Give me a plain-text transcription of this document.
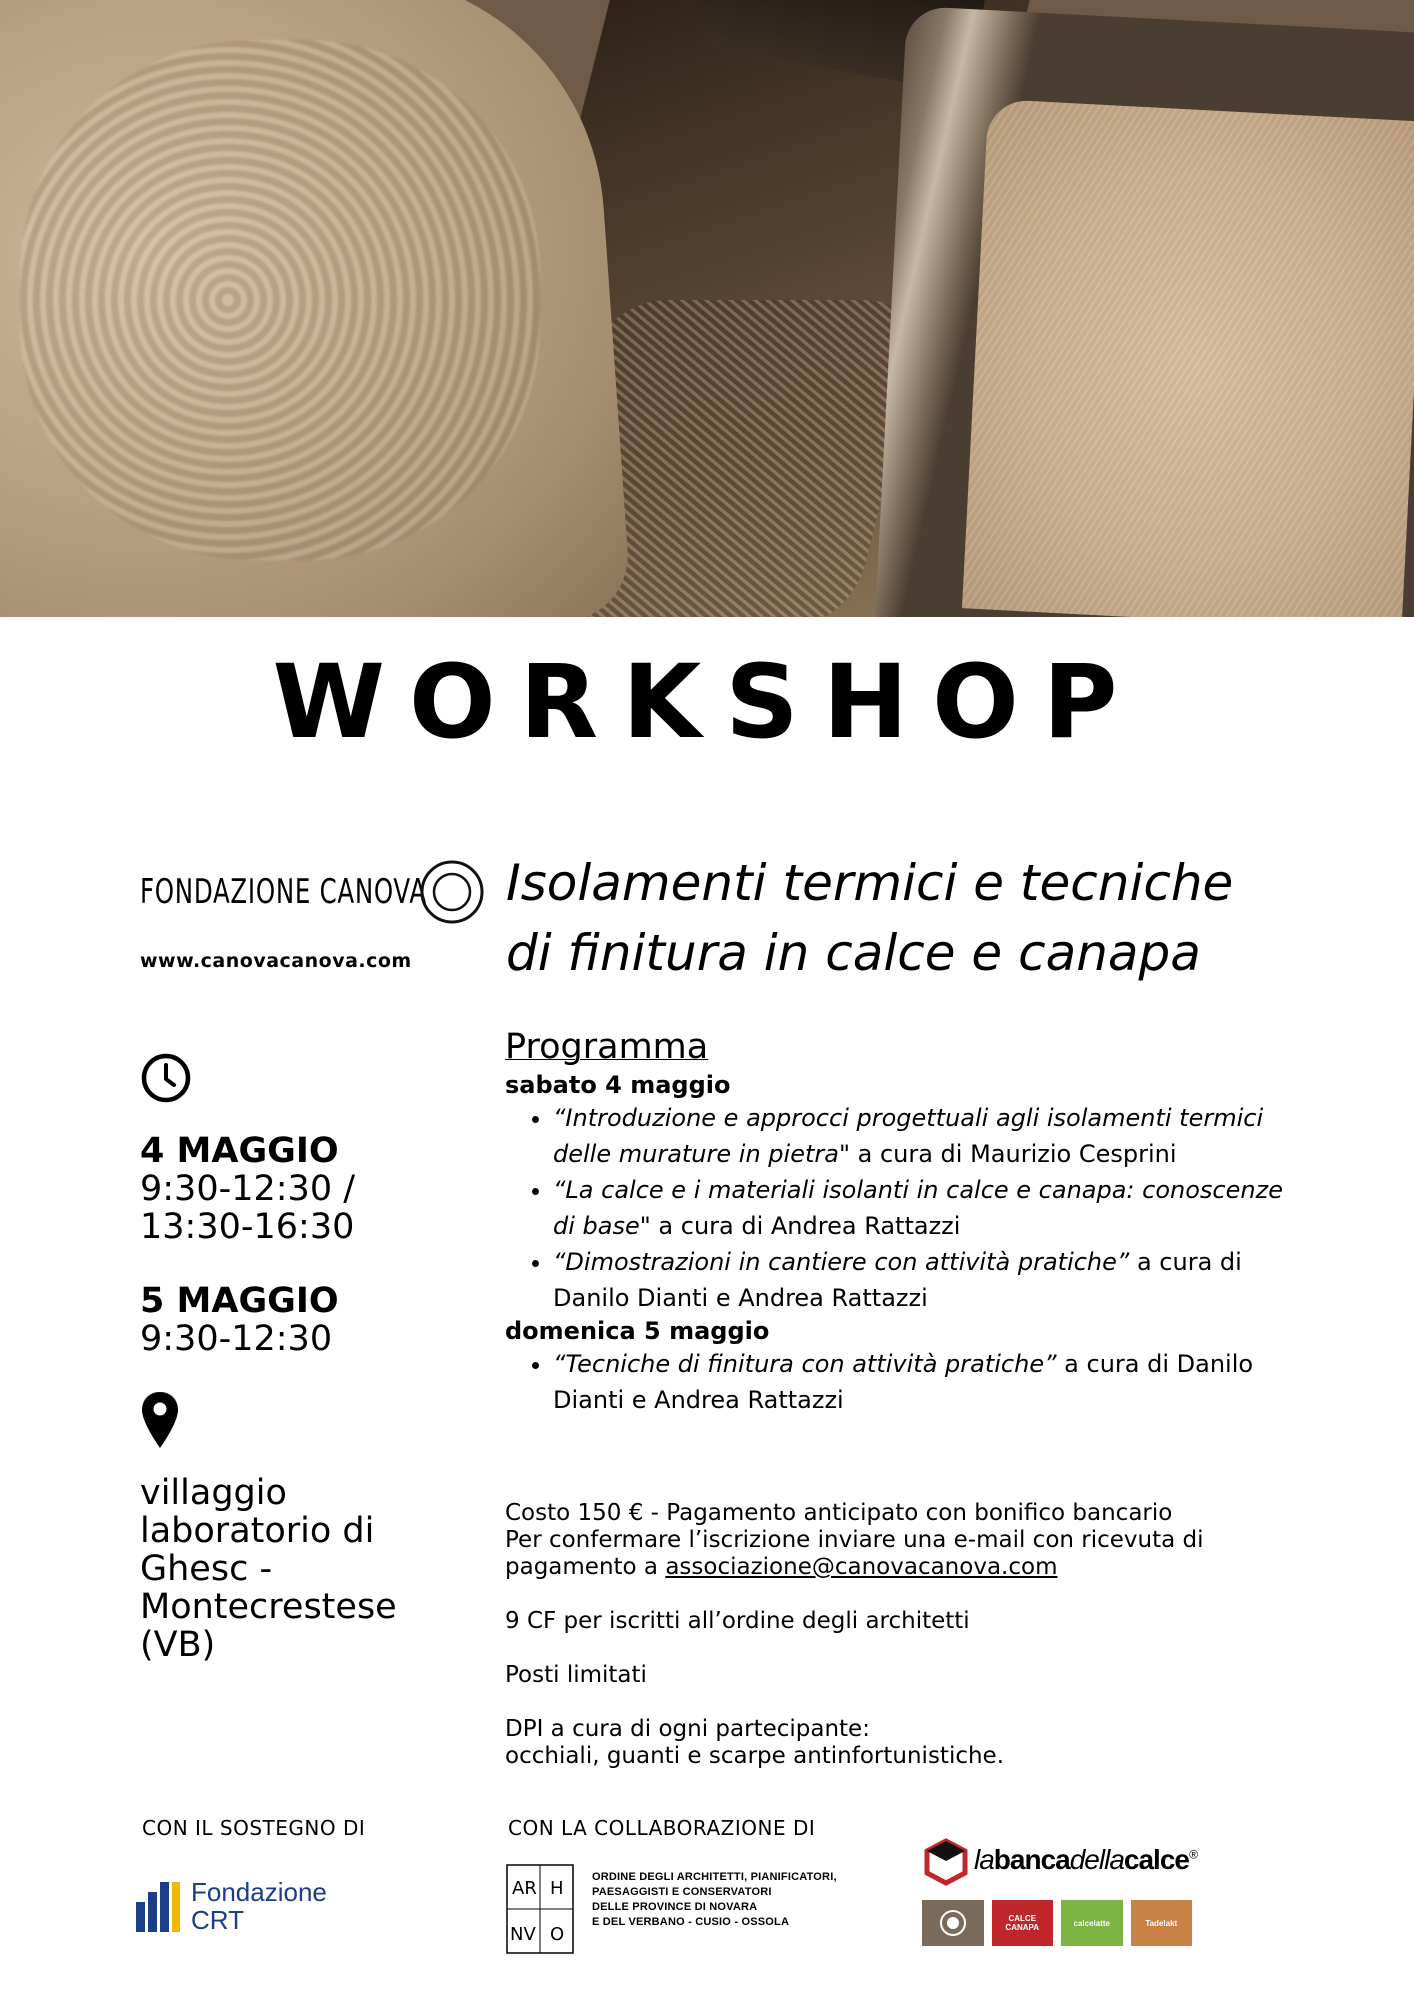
WORKSHOP
FONDAZIONE CANOVA
www.canovacanova.com
Isolamenti termici e tecniche
di finitura in calce e canapa
4 MAGGIO
9:30-12:30 /
13:30-16:30
5 MAGGIO
9:30-12:30
villaggio
laboratorio di
Ghesc -
Montecrestese
(VB)
Programma
sabato 4 maggio
• “Introduzione e approcci progettuali agli isolamenti termici delle murature in pietra" a cura di Maurizio Cesprini
• “La calce e i materiali isolanti in calce e canapa: conoscenze di base" a cura di Andrea Rattazzi
• “Dimostrazioni in cantiere con attività pratiche” a cura di Danilo Dianti e Andrea Rattazzi
domenica 5 maggio
• “Tecniche di finitura con attività pratiche” a cura di Danilo Dianti e Andrea Rattazzi

Costo 150 € - Pagamento anticipato con bonifico bancario

Per confermare l’iscrizione inviare una e-mail con ricevuta di

pagamento a associazione@canovacanova.com

9 CF per iscritti all’ordine degli architetti

Posti limitati

DPI a cura di ogni partecipante:

occhiali, guanti e scarpe antinfortunistiche.

CON IL SOSTEGNO DI	CON LA COLLABORAZIONE DI
Fondazione
CRT
AR H
NV O
ORDINE DEGLI ARCHITETTI, PIANIFICATORI,
PAESAGGISTI E CONSERVATORI
DELLE PROVINCE DI NOVARA
E DEL VERBANO - CUSIO - OSSOLA
labancadellacalce®
CALCE CANAPA	calcelatte	Tadelakt
